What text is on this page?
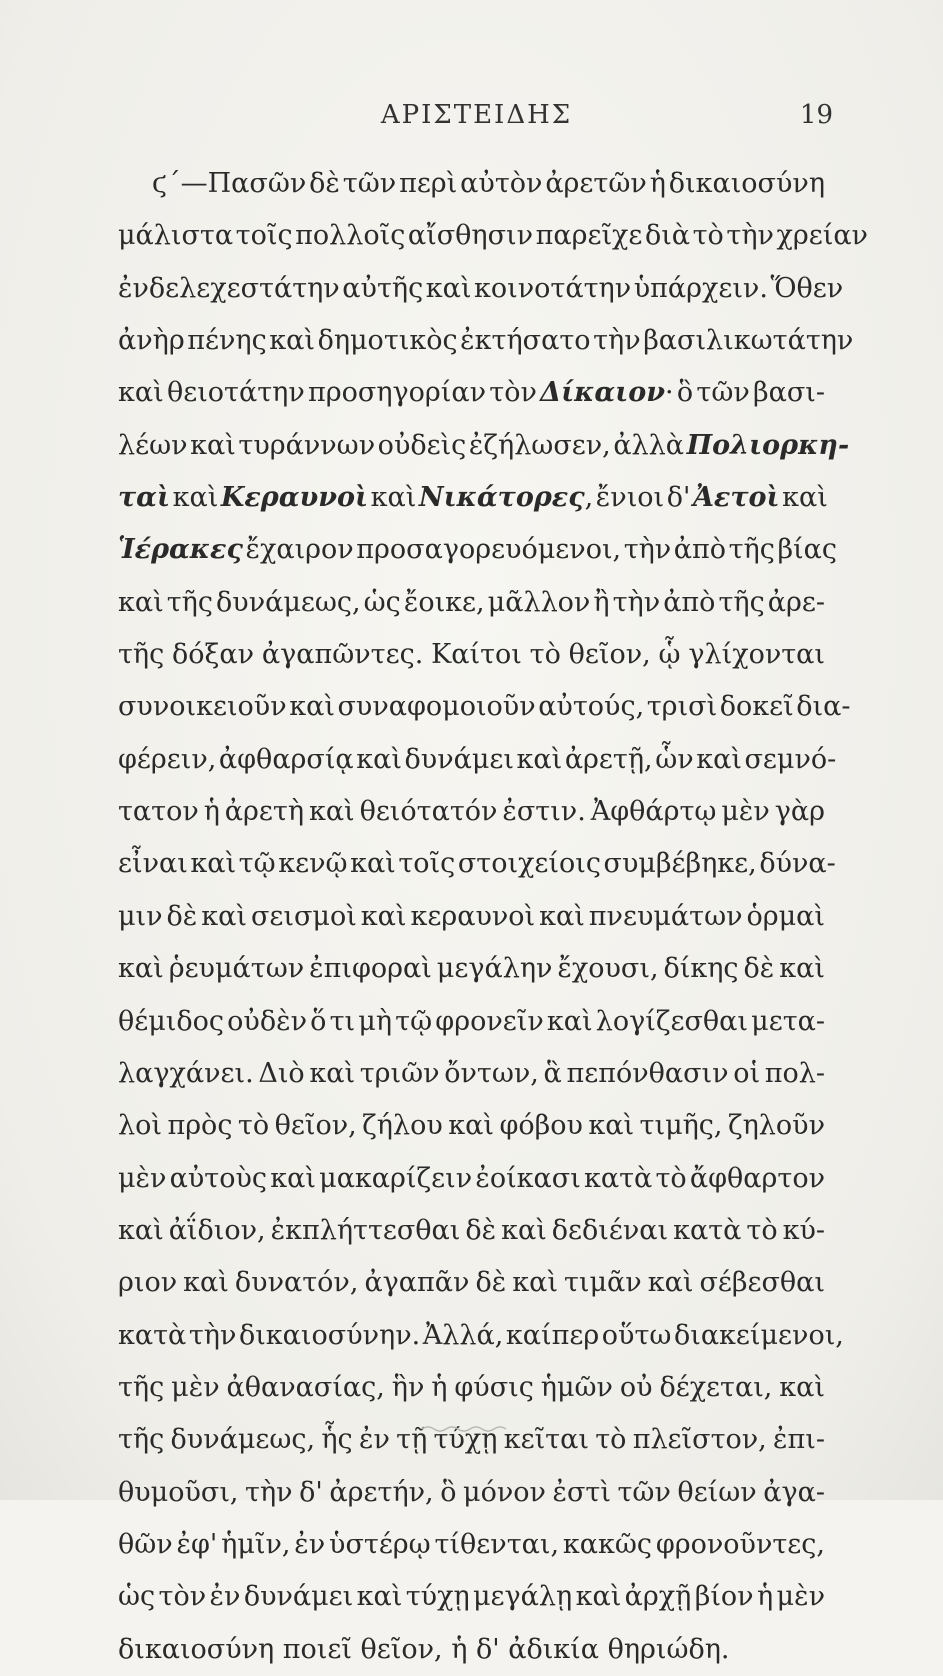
ΑΡΙΣΤΕΙΔΗΣ	19
ϛ΄—Πασῶν δὲ τῶν περὶ αὐτὸν ἀρετῶν ἡ δικαιοσύνη
μάλιστα τοῖς πολλοῖς αἴσθησιν παρεῖχε διὰ τὸ τὴν χρείαν
ἐνδελεχεστάτην αὐτῆς καὶ κοινοτάτην ὑπάρχειν. Ὅθεν
ἀνὴρ πένης καὶ δημοτικὸς ἐκτήσατο τὴν βασιλικωτάτην
καὶ θειοτάτην προσηγορίαν τὸν Δίκαιον· ὃ τῶν βασι-
λέων καὶ τυράννων οὐδεὶς ἐζήλωσεν, ἀλλὰ Πολιορκη-
ταὶ καὶ Κεραυνοὶ καὶ Νικάτορες, ἔνιοι δ' Ἀετοὶ καὶ
Ἱέρακες ἔχαιρον προσαγορευόμενοι, τὴν ἀπὸ τῆς βίας
καὶ τῆς δυνάμεως, ὡς ἔοικε, μᾶλλον ἢ τὴν ἀπὸ τῆς ἀρε-
τῆς δόξαν ἀγαπῶντες. Καίτοι τὸ θεῖον, ᾧ γλίχονται
συνοικειοῦν καὶ συναφομοιοῦν αὐτούς, τρισὶ δοκεῖ δια-
φέρειν, ἀφθαρσίᾳ καὶ δυνάμει καὶ ἀρετῇ, ὧν καὶ σεμνό-
τατον ἡ ἀρετὴ καὶ θειότατόν ἐστιν. Ἀφθάρτῳ μὲν γὰρ
εἶναι καὶ τῷ κενῷ καὶ τοῖς στοιχείοις συμβέβηκε, δύνα-
μιν δὲ καὶ σεισμοὶ καὶ κεραυνοὶ καὶ πνευμάτων ὁρμαὶ
καὶ ῥευμάτων ἐπιφοραὶ μεγάλην ἔχουσι, δίκης δὲ καὶ
θέμιδος οὐδὲν ὅ τι μὴ τῷ φρονεῖν καὶ λογίζεσθαι μετα-
λαγχάνει. Διὸ καὶ τριῶν ὄντων, ἃ πεπόνθασιν οἱ πολ-
λοὶ πρὸς τὸ θεῖον, ζήλου καὶ φόβου καὶ τιμῆς, ζηλοῦν
μὲν αὐτοὺς καὶ μακαρίζειν ἐοίκασι κατὰ τὸ ἄφθαρτον
καὶ ἀΐδιον, ἐκπλήττεσθαι δὲ καὶ δεδιέναι κατὰ τὸ κύ-
ριον καὶ δυνατόν, ἀγαπᾶν δὲ καὶ τιμᾶν καὶ σέβεσθαι
κατὰ τὴν δικαιοσύνην. Ἀλλά, καίπερ οὕτω διακείμενοι,
τῆς μὲν ἀθανασίας, ἣν ἡ φύσις ἡμῶν οὐ δέχεται, καὶ
τῆς δυνάμεως, ἧς ἐν τῇ τύχῃ κεῖται τὸ πλεῖστον, ἐπι-
θυμοῦσι, τὴν δ' ἀρετήν, ὃ μόνον ἐστὶ τῶν θείων ἀγα-
θῶν ἐφ' ἡμῖν, ἐν ὑστέρῳ τίθενται, κακῶς φρονοῦντες,
ὡς τὸν ἐν δυνάμει καὶ τύχῃ μεγάλῃ καὶ ἀρχῇ βίον ἡ μὲν
δικαιοσύνη ποιεῖ θεῖον, ἡ δ' ἀδικία θηριώδη.
